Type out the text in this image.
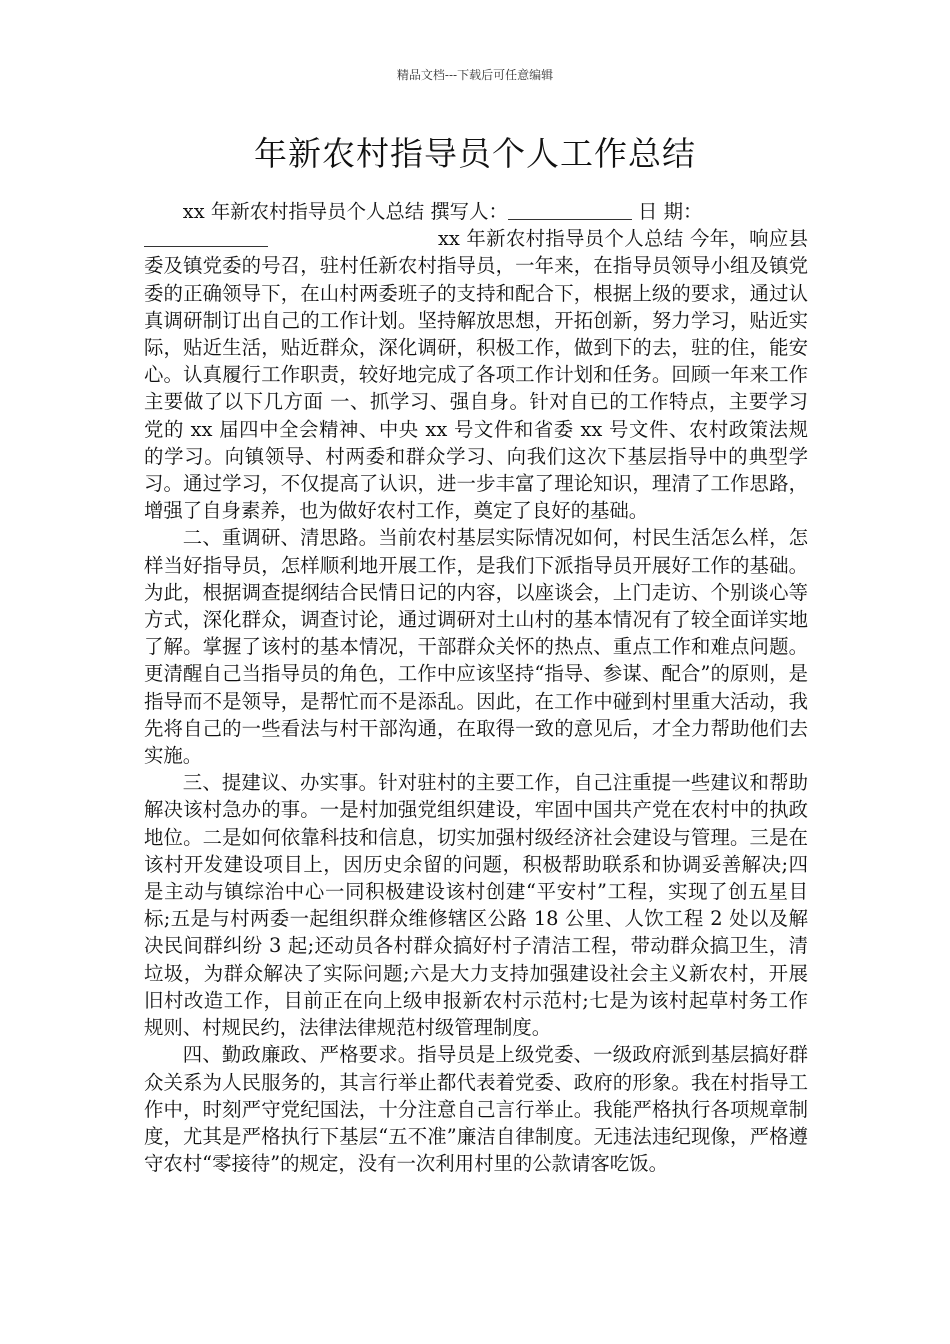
精品文档---下载后可任意编辑
年新农村指导员个人工作总结

xx 年新农村指导员个人总结 撰写人：	日 期：
xx 年新农村指导员个人总结 今年，响应县委及镇党委的号召，驻村任新农村指导员，一年来，在指导员领导小组及镇党委的正确领导下，在山村两委班子的支持和配合下，根据上级的要求，通过认真调研制订出自己的工作计划。坚持解放思想，开拓创新，努力学习，贴近实际，贴近生活，贴近群众，深化调研，积极工作，做到下的去，驻的住，能安心。认真履行工作职责，较好地完成了各项工作计划和任务。回顾一年来工作主要做了以下几方面 一、抓学习、强自身。针对自已的工作特点，主要学习党的 xx 届四中全会精神、中央 xx 号文件和省委 xx 号文件、农村政策法规的学习。向镇领导、村两委和群众学习、向我们这次下基层指导中的典型学习。通过学习，不仅提高了认识，进一步丰富了理论知识，理清了工作思路，增强了自身素养，也为做好农村工作，奠定了良好的基础。

二、重调研、清思路。当前农村基层实际情况如何，村民生活怎么样，怎样当好指导员，怎样顺利地开展工作，是我们下派指导员开展好工作的基础。为此，根据调查提纲结合民情日记的内容，以座谈会，上门走访、个别谈心等方式，深化群众，调查讨论，通过调研对土山村的基本情况有了较全面详实地了解。掌握了该村的基本情况，干部群众关怀的热点、重点工作和难点问题。更清醒自己当指导员的角色，工作中应该坚持“指导、参谋、配合”的原则，是指导而不是领导，是帮忙而不是添乱。因此，在工作中碰到村里重大活动，我先将自己的一些看法与村干部沟通，在取得一致的意见后，才全力帮助他们去实施。

三、提建议、办实事。针对驻村的主要工作，自己注重提一些建议和帮助解决该村急办的事。一是村加强党组织建设，牢固中国共产党在农村中的执政地位。二是如何依靠科技和信息，切实加强村级经济社会建设与管理。三是在该村开发建设项目上，因历史余留的问题，积极帮助联系和协调妥善解决;四是主动与镇综治中心一同积极建设该村创建“平安村”工程，实现了创五星目标;五是与村两委一起组织群众维修辖区公路 18 公里、人饮工程 2 处以及解决民间群纠纷 3 起;还动员各村群众搞好村子清洁工程，带动群众搞卫生，清垃圾，为群众解决了实际问题;六是大力支持加强建设社会主义新农村，开展旧村改造工作，目前正在向上级申报新农村示范村;七是为该村起草村务工作规则、村规民约，法律法律规范村级管理制度。

四、勤政廉政、严格要求。指导员是上级党委、一级政府派到基层搞好群众关系为人民服务的，其言行举止都代表着党委、政府的形象。我在村指导工作中，时刻严守党纪国法，十分注意自己言行举止。我能严格执行各项规章制度，尤其是严格执行下基层“五不准”廉洁自律制度。无违法违纪现像，严格遵守农村“零接待”的规定，没有一次利用村里的公款请客吃饭。
